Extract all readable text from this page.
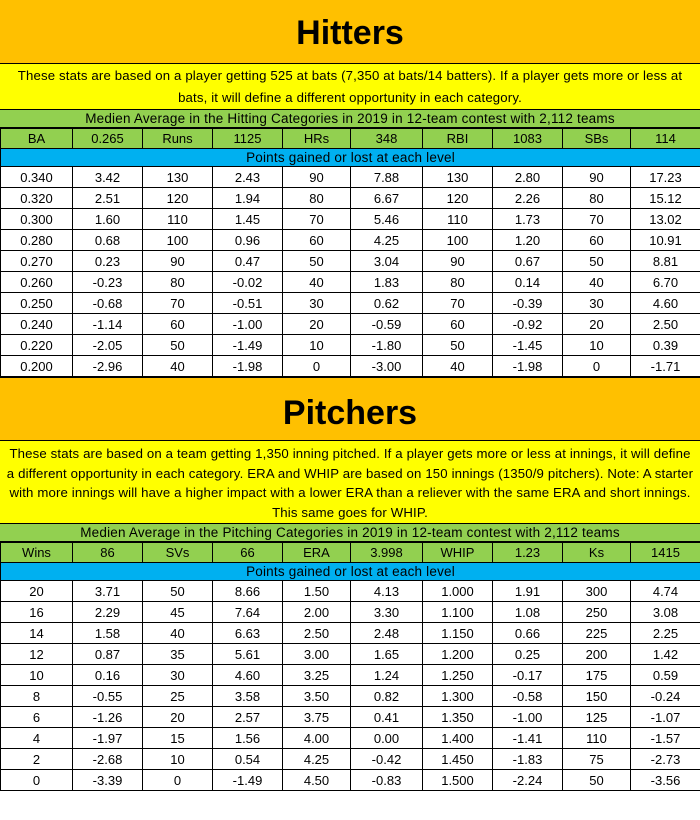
Hitters
These stats are based on a player getting 525 at bats (7,350 at bats/14 batters). If a player gets more or less at bats, it will define a different opportunity in each category.
Medien Average in the Hitting Categories in 2019 in 12-team contest with 2,112 teams
BA	0.265	Runs	1125	HRs	348	RBI	1083	SBs	114
Points gained or lost at each level									
0.340	3.42	130	2.43	90	7.88	130	2.80	90	17.23
0.320	2.51	120	1.94	80	6.67	120	2.26	80	15.12
0.300	1.60	110	1.45	70	5.46	110	1.73	70	13.02
0.280	0.68	100	0.96	60	4.25	100	1.20	60	10.91
0.270	0.23	90	0.47	50	3.04	90	0.67	50	8.81
0.260	-0.23	80	-0.02	40	1.83	80	0.14	40	6.70
0.250	-0.68	70	-0.51	30	0.62	70	-0.39	30	4.60
0.240	-1.14	60	-1.00	20	-0.59	60	-0.92	20	2.50
0.220	-2.05	50	-1.49	10	-1.80	50	-1.45	10	0.39
0.200	-2.96	40	-1.98	0	-3.00	40	-1.98	0	-1.71
Pitchers
These stats are based on a team getting 1,350 inning pitched. If a player gets more or less at innings, it will define a different opportunity in each category. ERA and WHIP are based on 150 innings (1350/9 pitchers). Note: A starter with more innings will have a higher impact with a lower ERA than a reliever with the same ERA and short innings. This same goes for WHIP.
Medien Average in the Pitching Categories in 2019 in 12-team contest with 2,112 teams
Wins	86	SVs	66	ERA	3.998	WHIP	1.23	Ks	1415
Points gained or lost at each level									
20	3.71	50	8.66	1.50	4.13	1.000	1.91	300	4.74
16	2.29	45	7.64	2.00	3.30	1.100	1.08	250	3.08
14	1.58	40	6.63	2.50	2.48	1.150	0.66	225	2.25
12	0.87	35	5.61	3.00	1.65	1.200	0.25	200	1.42
10	0.16	30	4.60	3.25	1.24	1.250	-0.17	175	0.59
8	-0.55	25	3.58	3.50	0.82	1.300	-0.58	150	-0.24
6	-1.26	20	2.57	3.75	0.41	1.350	-1.00	125	-1.07
4	-1.97	15	1.56	4.00	0.00	1.400	-1.41	110	-1.57
2	-2.68	10	0.54	4.25	-0.42	1.450	-1.83	75	-2.73
0	-3.39	0	-1.49	4.50	-0.83	1.500	-2.24	50	-3.56
